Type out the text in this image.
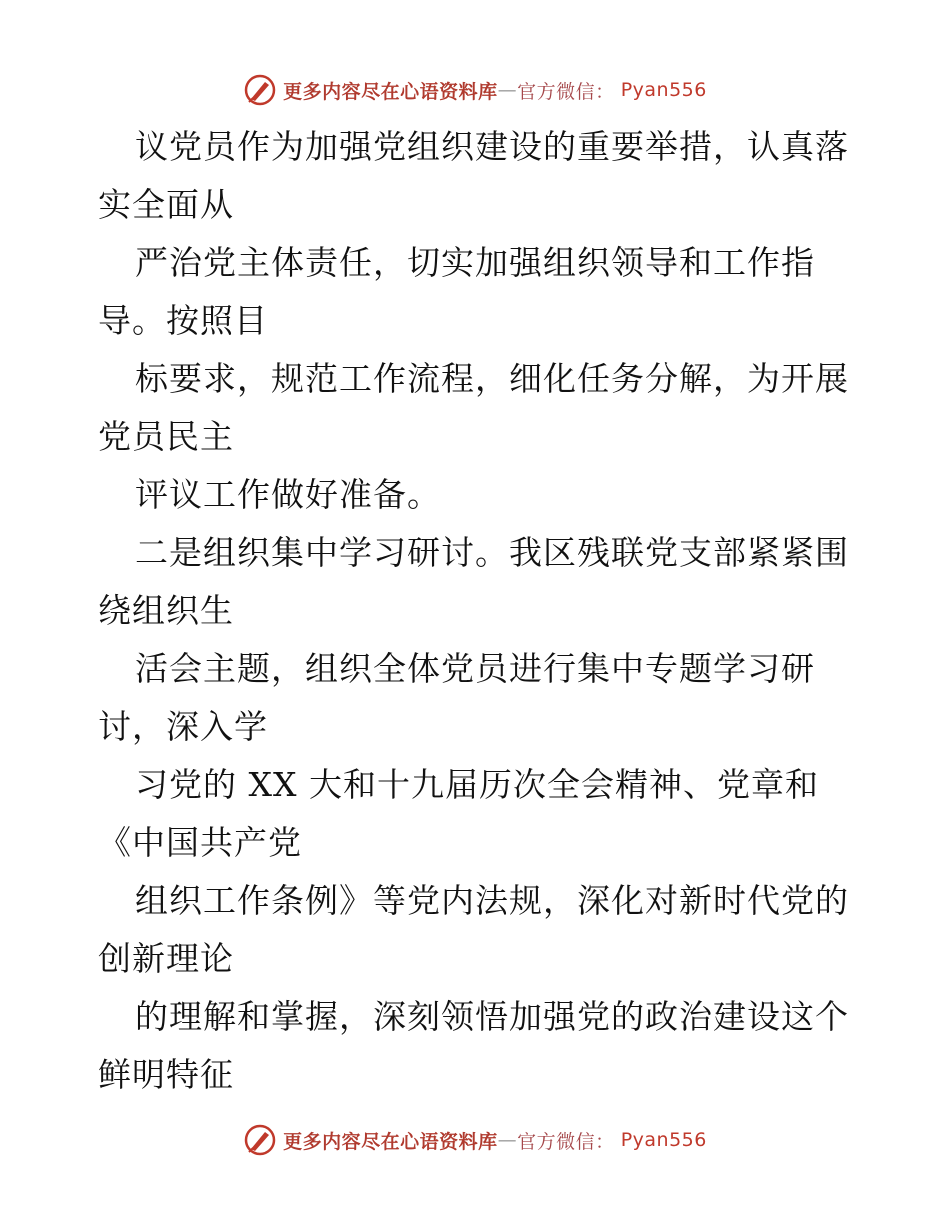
更多内容尽在心语资料库 — 官方微信： Pyan556
议党员作为加强党组织建设的重要举措，认真落
实全面从
严治党主体责任，切实加强组织领导和工作指
导。按照目
标要求，规范工作流程，细化任务分解，为开展
党员民主
评议工作做好准备。
二是组织集中学习研讨。我区残联党支部紧紧围
绕组织生
活会主题，组织全体党员进行集中专题学习研
讨，深入学
习党的 XX 大和十九届历次全会精神、党章和
《中国共产党
组织工作条例》等党内法规，深化对新时代党的
创新理论
的理解和掌握，深刻领悟加强党的政治建设这个
鲜明特征
更多内容尽在心语资料库 — 官方微信： Pyan556
